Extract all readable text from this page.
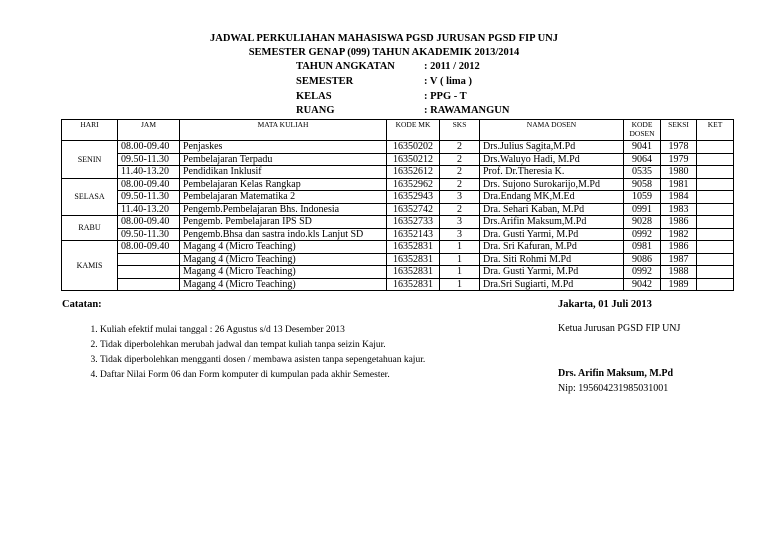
JADWAL PERKULIAHAN MAHASISWA PGSD JURUSAN PGSD FIP UNJ
SEMESTER GENAP (099) TAHUN AKADEMIK 2013/2014
TAHUN ANGKATAN	: 2011 / 2012
SEMESTER	: V ( lima )
KELAS	: PPG - T
RUANG	: RAWAMANGUN
HARI	JAM	MATA KULIAH	KODE MK	SKS	NAMA DOSEN	KODE DOSEN	SEKSI	KET
SENIN	08.00-09.40	Penjaskes	16350202	2	Drs.Julius Sagita,M.Pd	9041	1978	
	09.50-11.30	Pembelajaran Terpadu	16350212	2	Drs.Waluyo Hadi, M.Pd	9064	1979	
	11.40-13.20	Pendidikan Inklusif	16352612	2	Prof. Dr.Theresia K.	0535	1980	
SELASA	08.00-09.40	Pembelajaran Kelas Rangkap	16352962	2	Drs. Sujono Surokarijo,M.Pd	9058	1981	
	09.50-11.30	Pembelajaran Matematika 2	16352943	3	Dra.Endang MK,M.Ed	1059	1984	
	11.40-13.20	Pengemb.Pembelajaran Bhs. Indonesia	16352742	2	Dra. Sehari Kaban, M.Pd	0991	1983	
RABU	08.00-09.40	Pengemb. Pembelajaran IPS SD	16352733	3	Drs.Arifin Maksum,M.Pd	9028	1986	
	09.50-11.30	Pengemb.Bhsa dan sastra indo.kls Lanjut SD	16352143	3	Dra. Gusti Yarmi, M.Pd	0992	1982	
KAMIS	08.00-09.40	Magang 4 (Micro Teaching)	16352831	1	Dra. Sri Kafuran, M.Pd	0981	1986	
		Magang 4 (Micro Teaching)	16352831	1	Dra. Siti Rohmi M.Pd	9086	1987	
		Magang 4 (Micro Teaching)	16352831	1	Dra. Gusti Yarmi, M.Pd	0992	1988	
		Magang 4 (Micro Teaching)	16352831	1	Dra.Sri Sugiarti, M.Pd	9042	1989	
Catatan:	Jakarta, 01 Juli 2013
1. Kuliah efektif mulai tanggal : 26 Agustus s/d 13 Desember 2013
2. Tidak diperbolehkan merubah jadwal dan tempat kuliah tanpa seizin Kajur.
3. Tidak diperbolehkan mengganti dosen / membawa asisten tanpa sepengetahuan kajur.
4. Daftar Nilai Form 06 dan Form komputer di kumpulan pada akhir Semester.
Ketua Jurusan PGSD FIP UNJ
Drs. Arifin Maksum, M.Pd
Nip: 195604231985031001
